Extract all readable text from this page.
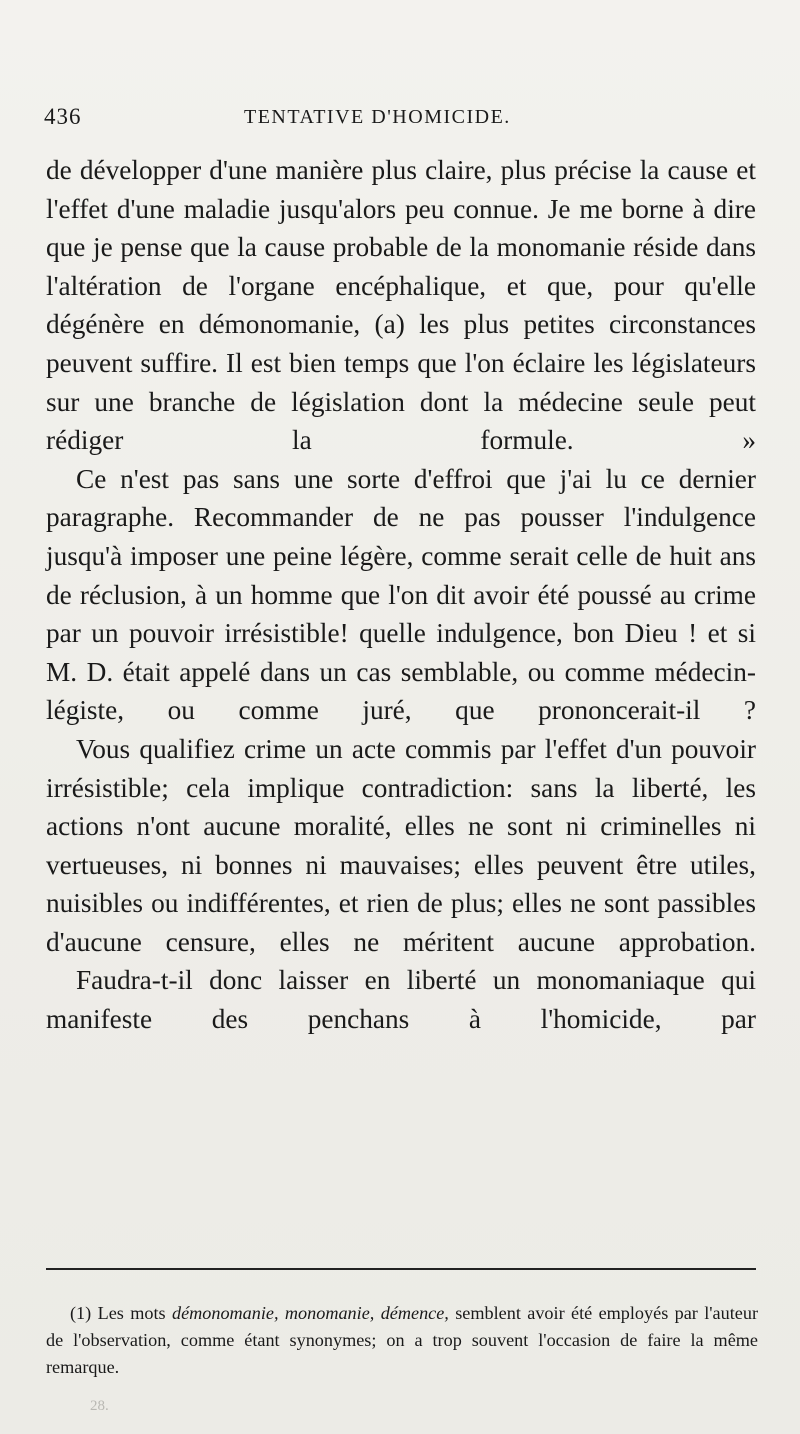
436	TENTATIVE D'HOMICIDE.

de développer d'une manière plus claire, plus précise la cause et l'effet d'une maladie jusqu'alors peu connue. Je me borne à dire que je pense que la cause probable de la monomanie réside dans l'altération de l'organe encéphalique, et que, pour qu'elle dégénère en démonomanie, (a) les plus petites circonstances peuvent suffire. Il est bien temps que l'on éclaire les législateurs sur une branche de législation dont la médecine seule peut rédiger la formule. »

Ce n'est pas sans une sorte d'effroi que j'ai lu ce dernier paragraphe. Recommander de ne pas pousser l'indulgence jusqu'à imposer une peine légère, comme serait celle de huit ans de réclusion, à un homme que l'on dit avoir été poussé au crime par un pouvoir irrésistible! quelle indulgence, bon Dieu ! et si M. D. était appelé dans un cas semblable, ou comme médecin-légiste, ou comme juré, que prononcerait-il ?

Vous qualifiez crime un acte commis par l'effet d'un pouvoir irrésistible; cela implique contradiction: sans la liberté, les actions n'ont aucune moralité, elles ne sont ni criminelles ni vertueuses, ni bonnes ni mauvaises; elles peuvent être utiles, nuisibles ou indifférentes, et rien de plus; elles ne sont passibles d'aucune censure, elles ne méritent aucune approbation.

Faudra-t-il donc laisser en liberté un monomaniaque qui manifeste des penchans à l'homicide, par

(1) Les mots démonomanie, monomanie, démence, semblent avoir été employés par l'auteur de l'observation, comme étant synonymes; on a trop souvent l'occasion de faire la même remarque.
28.
